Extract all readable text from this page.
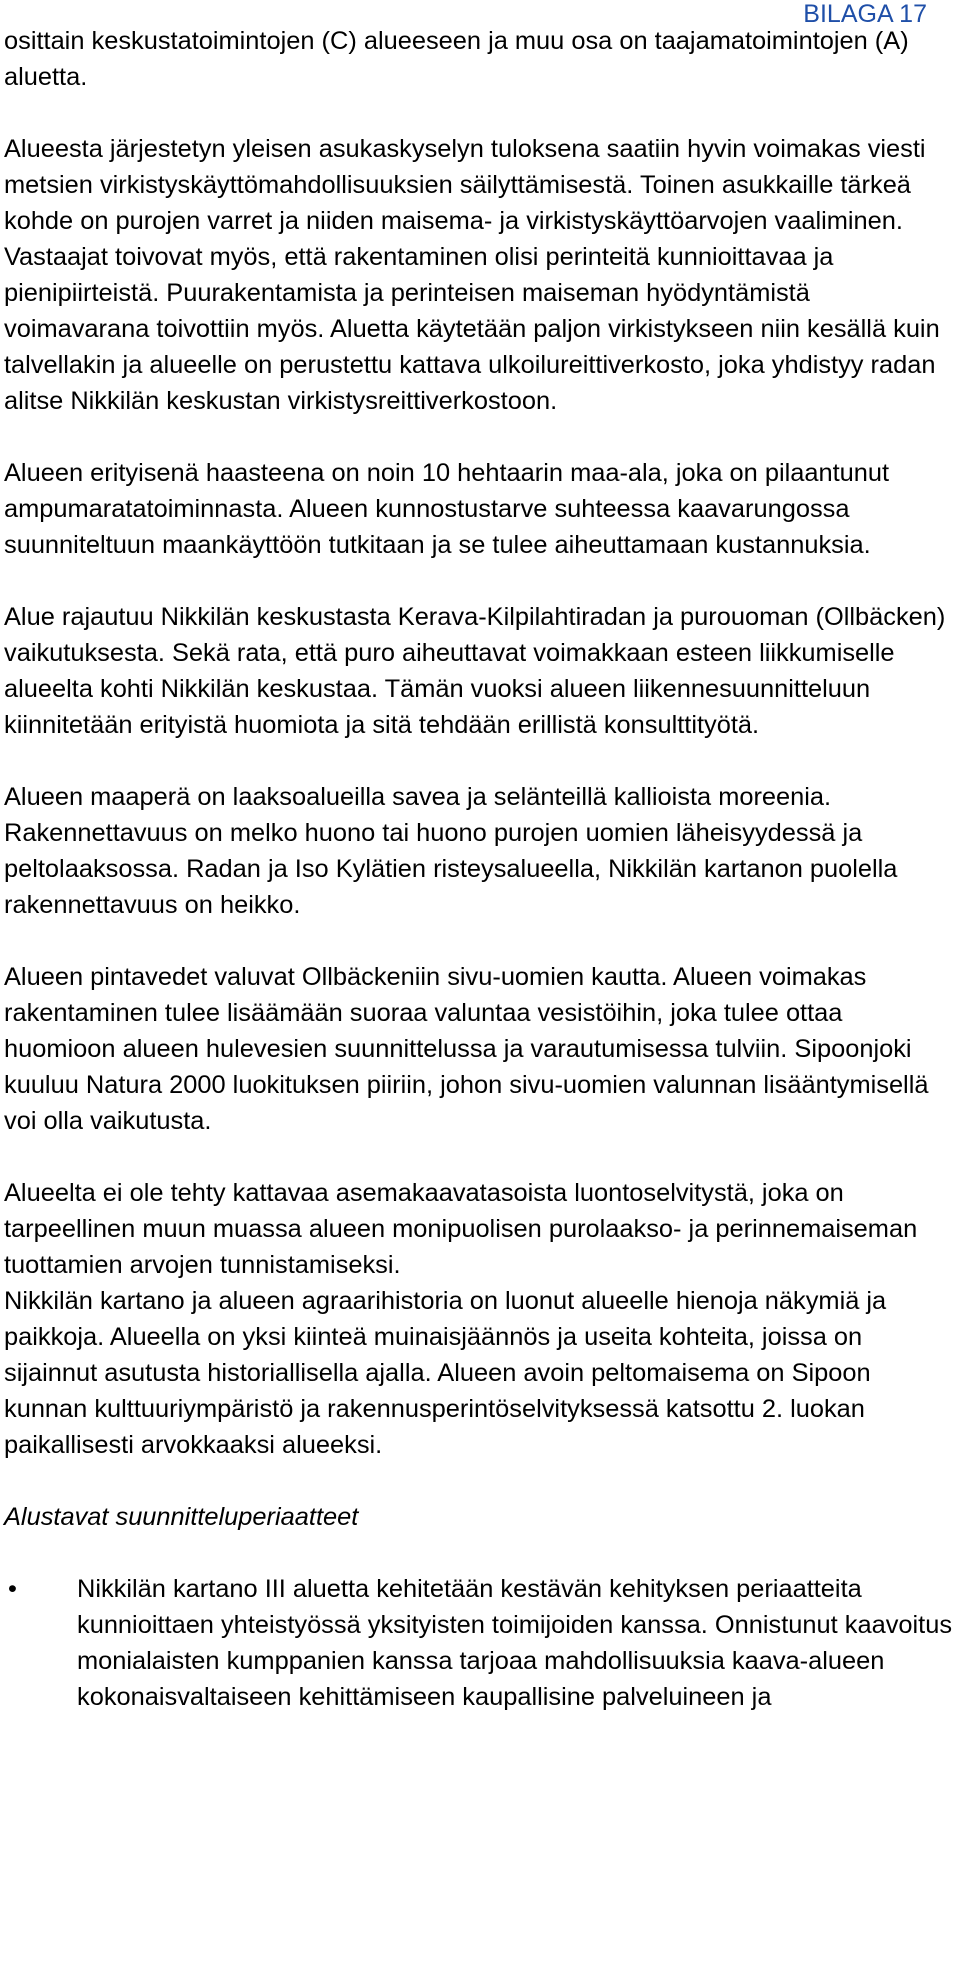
BILAGA 17

osittain keskustatoimintojen (C) alueeseen ja muu osa on taajamatoimintojen (A) aluetta.

Alueesta järjestetyn yleisen asukaskyselyn tuloksena saatiin hyvin voimakas viesti metsien virkistyskäyttömahdollisuuksien säilyttämisestä. Toinen asukkaille tärkeä kohde on purojen varret ja niiden maisema- ja virkistyskäyttöarvojen vaaliminen. Vastaajat toivovat myös, että rakentaminen olisi perinteitä kunnioittavaa ja pienipiirteistä. Puurakentamista ja perinteisen maiseman hyödyntämistä voimavarana toivottiin myös. Aluetta käytetään paljon virkistykseen niin kesällä kuin talvellakin ja alueelle on perustettu kattava ulkoilureittiverkosto, joka yhdistyy radan alitse Nikkilän keskustan virkistysreittiverkostoon.

Alueen erityisenä haasteena on noin 10 hehtaarin maa-ala, joka on pilaantunut ampumaratatoiminnasta. Alueen kunnostustarve suhteessa kaavarungossa suunniteltuun maankäyttöön tutkitaan ja se tulee aiheuttamaan kustannuksia.

Alue rajautuu Nikkilän keskustasta Kerava-Kilpilahtiradan ja purouoman (Ollbäcken) vaikutuksesta. Sekä rata, että puro aiheuttavat voimakkaan esteen liikkumiselle alueelta kohti Nikkilän keskustaa. Tämän vuoksi alueen liikennesuunnitteluun kiinnitetään erityistä huomiota ja sitä tehdään erillistä konsulttityötä.

Alueen maaperä on laaksoalueilla savea ja selänteillä kallioista moreenia. Rakennettavuus on melko huono tai huono purojen uomien läheisyydessä ja peltolaaksossa. Radan ja Iso Kylätien risteysalueella, Nikkilän kartanon puolella rakennettavuus on heikko.

Alueen pintavedet valuvat Ollbäckeniin sivu-uomien kautta. Alueen voimakas rakentaminen tulee lisäämään suoraa valuntaa vesistöihin, joka tulee ottaa huomioon alueen hulevesien suunnittelussa ja varautumisessa tulviin. Sipoonjoki kuuluu Natura 2000 luokituksen piiriin, johon sivu-uomien valunnan lisääntymisellä voi olla vaikutusta.

Alueelta ei ole tehty kattavaa asemakaavatasoista luontoselvitystä, joka on tarpeellinen muun muassa alueen monipuolisen purolaakso- ja perinnemaiseman tuottamien arvojen tunnistamiseksi.

Nikkilän kartano ja alueen agraarihistoria on luonut alueelle hienoja näkymiä ja paikkoja. Alueella on yksi kiinteä muinaisjäännös ja useita kohteita, joissa on sijainnut asutusta historiallisella ajalla. Alueen avoin peltomaisema on Sipoon kunnan kulttuuriympäristö ja rakennusperintöselvityksessä katsottu 2. luokan paikallisesti arvokkaaksi alueeksi.

Alustavat suunnitteluperiaatteet

• Nikkilän kartano III aluetta kehitetään kestävän kehityksen periaatteita kunnioittaen yhteistyössä yksityisten toimijoiden kanssa. Onnistunut kaavoitus monialaisten kumppanien kanssa tarjoaa mahdollisuuksia kaava-alueen kokonaisvaltaiseen kehittämiseen kaupallisine palveluineen ja
